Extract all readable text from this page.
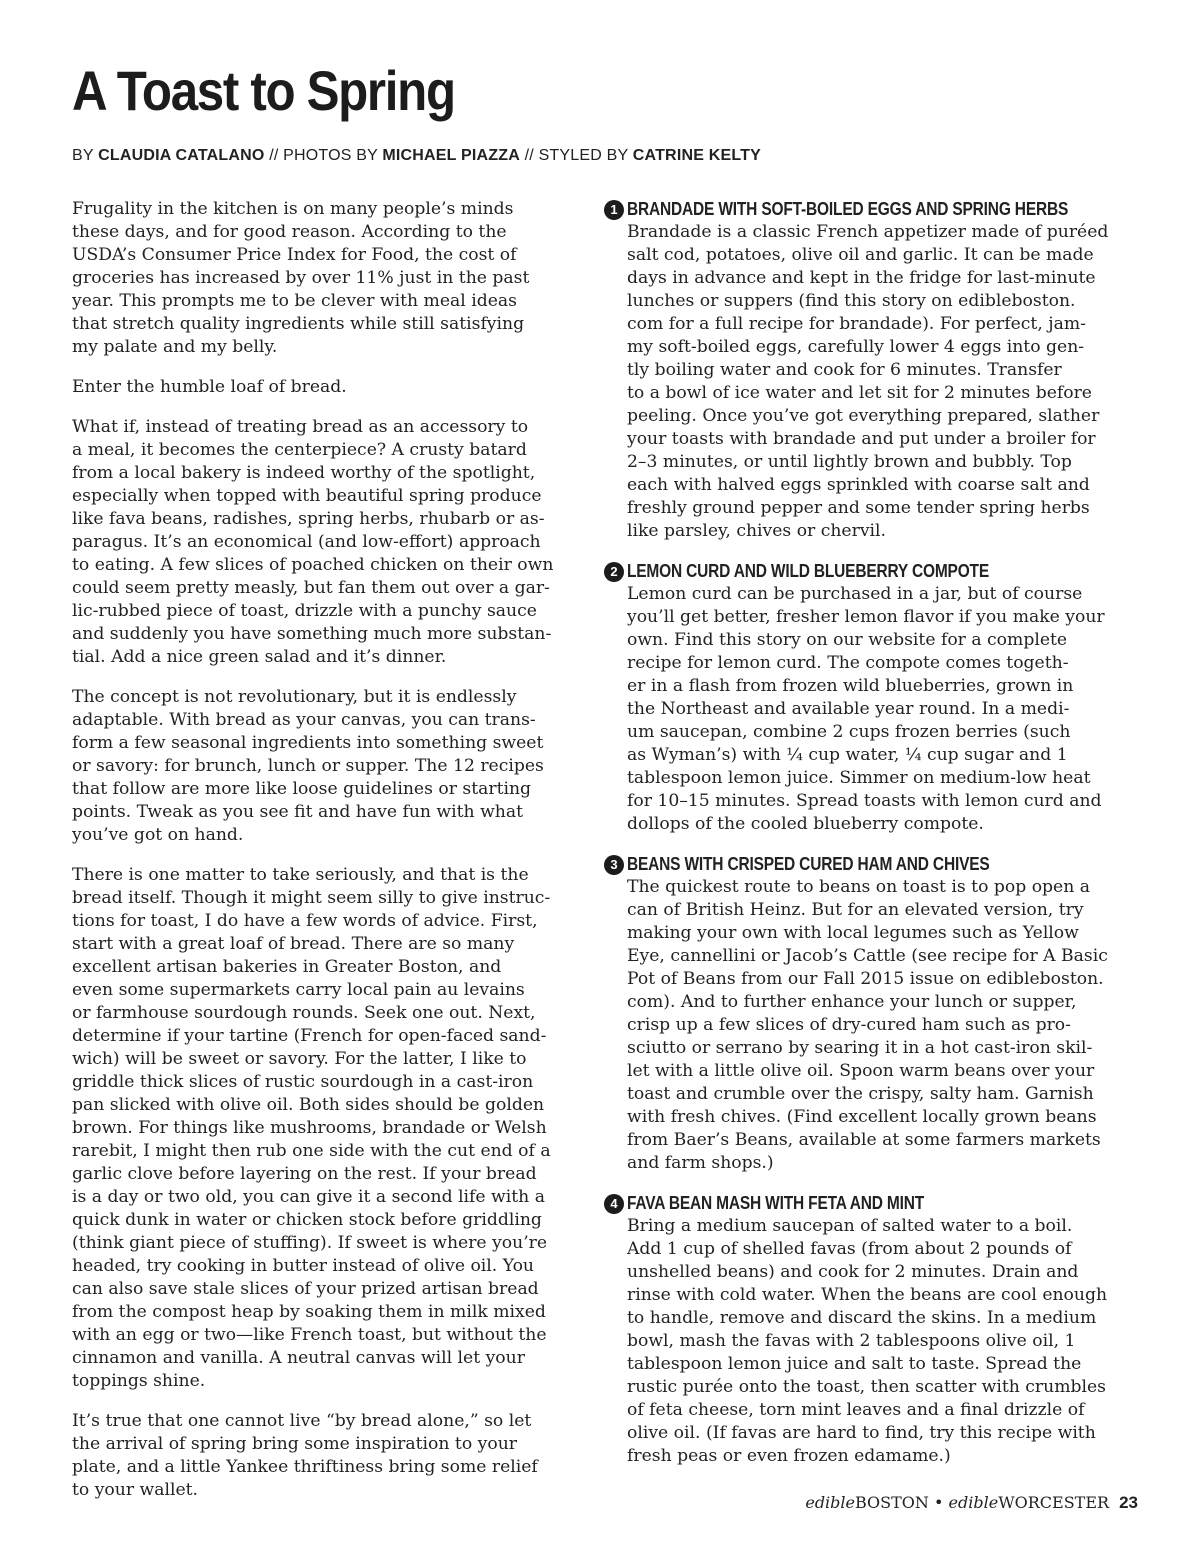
A Toast to Spring
BY CLAUDIA CATALANO // PHOTOS BY MICHAEL PIAZZA // STYLED BY CATRINE KELTY

Frugality in the kitchen is on many people’s minds
these days, and for good reason. According to the
USDA’s Consumer Price Index for Food, the cost of
groceries has increased by over 11% just in the past
year. This prompts me to be clever with meal ideas
that stretch quality ingredients while still satisfying
my palate and my belly.

Enter the humble loaf of bread.

What if, instead of treating bread as an accessory to
a meal, it becomes the centerpiece? A crusty batard
from a local bakery is indeed worthy of the spotlight,
especially when topped with beautiful spring produce
like fava beans, radishes, spring herbs, rhubarb or as-
paragus. It’s an economical (and low-effort) approach
to eating. A few slices of poached chicken on their own
could seem pretty measly, but fan them out over a gar-
lic-rubbed piece of toast, drizzle with a punchy sauce
and suddenly you have something much more substan-
tial. Add a nice green salad and it’s dinner.

The concept is not revolutionary, but it is endlessly
adaptable. With bread as your canvas, you can trans-
form a few seasonal ingredients into something sweet
or savory: for brunch, lunch or supper. The 12 recipes
that follow are more like loose guidelines or starting
points. Tweak as you see fit and have fun with what
you’ve got on hand.

There is one matter to take seriously, and that is the
bread itself. Though it might seem silly to give instruc-
tions for toast, I do have a few words of advice. First,
start with a great loaf of bread. There are so many
excellent artisan bakeries in Greater Boston, and
even some supermarkets carry local pain au levains
or farmhouse sourdough rounds. Seek one out. Next,
determine if your tartine (French for open-faced sand-
wich) will be sweet or savory. For the latter, I like to
griddle thick slices of rustic sourdough in a cast-iron
pan slicked with olive oil. Both sides should be golden
brown. For things like mushrooms, brandade or Welsh
rarebit, I might then rub one side with the cut end of a
garlic clove before layering on the rest. If your bread
is a day or two old, you can give it a second life with a
quick dunk in water or chicken stock before griddling
(think giant piece of stuffing). If sweet is where you’re
headed, try cooking in butter instead of olive oil. You
can also save stale slices of your prized artisan bread
from the compost heap by soaking them in milk mixed
with an egg or two—like French toast, but without the
cinnamon and vanilla. A neutral canvas will let your
toppings shine.

It’s true that one cannot live “by bread alone,” so let
the arrival of spring bring some inspiration to your
plate, and a little Yankee thriftiness bring some relief
to your wallet.

1 BRANDADE WITH SOFT-BOILED EGGS AND SPRING HERBS
Brandade is a classic French appetizer made of puréed
salt cod, potatoes, olive oil and garlic. It can be made
days in advance and kept in the fridge for last-minute
lunches or suppers (find this story on edibleboston.
com for a full recipe for brandade). For perfect, jam-
my soft-boiled eggs, carefully lower 4 eggs into gen-
tly boiling water and cook for 6 minutes. Transfer
to a bowl of ice water and let sit for 2 minutes before
peeling. Once you’ve got everything prepared, slather
your toasts with brandade and put under a broiler for
2–3 minutes, or until lightly brown and bubbly. Top
each with halved eggs sprinkled with coarse salt and
freshly ground pepper and some tender spring herbs
like parsley, chives or chervil.
2 LEMON CURD AND WILD BLUEBERRY COMPOTE
Lemon curd can be purchased in a jar, but of course
you’ll get better, fresher lemon flavor if you make your
own. Find this story on our website for a complete
recipe for lemon curd. The compote comes togeth-
er in a flash from frozen wild blueberries, grown in
the Northeast and available year round. In a medi-
um saucepan, combine 2 cups frozen berries (such
as Wyman’s) with ¼ cup water, ¼ cup sugar and 1
tablespoon lemon juice. Simmer on medium-low heat
for 10–15 minutes. Spread toasts with lemon curd and
dollops of the cooled blueberry compote.
3 BEANS WITH CRISPED CURED HAM AND CHIVES
The quickest route to beans on toast is to pop open a
can of British Heinz. But for an elevated version, try
making your own with local legumes such as Yellow
Eye, cannellini or Jacob’s Cattle (see recipe for A Basic
Pot of Beans from our Fall 2015 issue on edibleboston.
com). And to further enhance your lunch or supper,
crisp up a few slices of dry-cured ham such as pro-
sciutto or serrano by searing it in a hot cast-iron skil-
let with a little olive oil. Spoon warm beans over your
toast and crumble over the crispy, salty ham. Garnish
with fresh chives. (Find excellent locally grown beans
from Baer’s Beans, available at some farmers markets
and farm shops.)
4 FAVA BEAN MASH WITH FETA AND MINT
Bring a medium saucepan of salted water to a boil.
Add 1 cup of shelled favas (from about 2 pounds of
unshelled beans) and cook for 2 minutes. Drain and
rinse with cold water. When the beans are cool enough
to handle, remove and discard the skins. In a medium
bowl, mash the favas with 2 tablespoons olive oil, 1
tablespoon lemon juice and salt to taste. Spread the
rustic purée onto the toast, then scatter with crumbles
of feta cheese, torn mint leaves and a final drizzle of
olive oil. (If favas are hard to find, try this recipe with
fresh peas or even frozen edamame.)
edibleBOSTON • edibleWORCESTER 23
